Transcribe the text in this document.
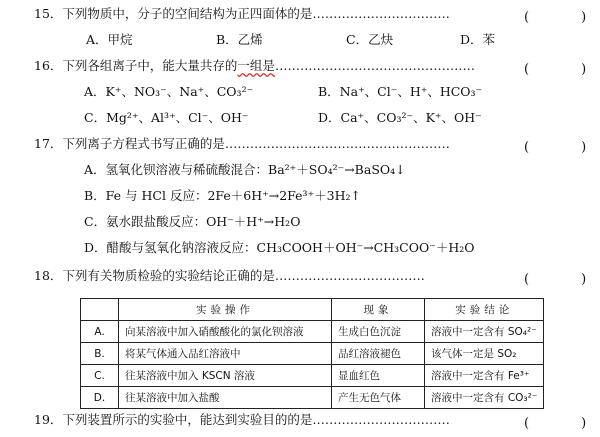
15．下列物质中，分子的空间结构为正四面体的是……………………………	(　　　　)
A．甲烷	B．乙烯	C．乙炔	D．苯
16．下列各组离子中，能大量共存的一组是…………………………………………	(　　　　)
A．K⁺、NO₃⁻、Na⁺、CO₃²⁻	B．Na⁺、Cl⁻、H⁺、HCO₃⁻
C．Mg²⁺、Al³⁺、Cl⁻、OH⁻	D．Ca⁺、CO₃²⁻、K⁺、OH⁻
17．下列离子方程式书写正确的是………………………………………………	(　　　　)
A．氢氧化钡溶液与稀硫酸混合：Ba²⁺＋SO₄²⁻→BaSO₄↓
B．Fe 与 HCl 反应：2Fe＋6H⁺→2Fe³⁺＋3H₂↑
C．氨水跟盐酸反应：OH⁻＋H⁺→H₂O
D．醋酸与氢氧化钠溶液反应：CH₃COOH＋OH⁻→CH₃COO⁻＋H₂O
18．下列有关物质检验的实验结论正确的是………………………………	(　　　　)
	实验操作	现象	实验结论
A.	向某溶液中加入硝酸酸化的氯化钡溶液	生成白色沉淀	溶液中一定含有 SO₄²⁻
B.	将某气体通入品红溶液中	品红溶液褪色	该气体一定是 SO₂
C.	往某溶液中加入 KSCN 溶液	显血红色	溶液中一定含有 Fe³⁺
D.	往某溶液中加入盐酸	产生无色气体	溶液中一定含有 CO₃²⁻
19．下列装置所示的实验中，能达到实验目的的是……………………………	(　　　　)
